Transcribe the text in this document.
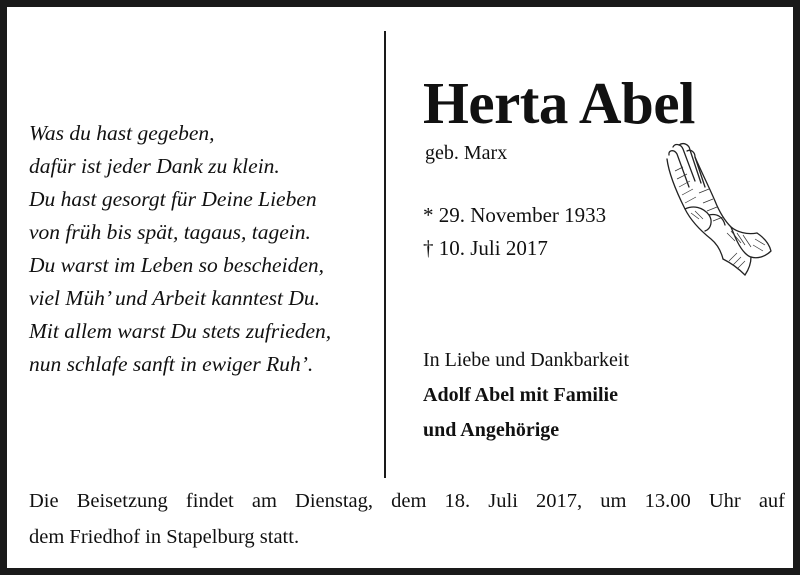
Was du hast gegeben,
dafür ist jeder Dank zu klein.
Du hast gesorgt für Deine Lieben
von früh bis spät, tagaus, tagein.
Du warst im Leben so bescheiden,
viel Müh’ und Arbeit kanntest Du.
Mit allem warst Du stets zufrieden,
nun schlafe sanft in ewiger Ruh’.
Herta Abel
geb. Marx
* 29. November 1933
† 10. Juli 2017
In Liebe und Dankbarkeit
Adolf Abel mit Familie
und Angehörige
Die Beisetzung findet am Dienstag, dem 18. Juli 2017, um 13.00 Uhr auf
dem Friedhof in Stapelburg statt.
